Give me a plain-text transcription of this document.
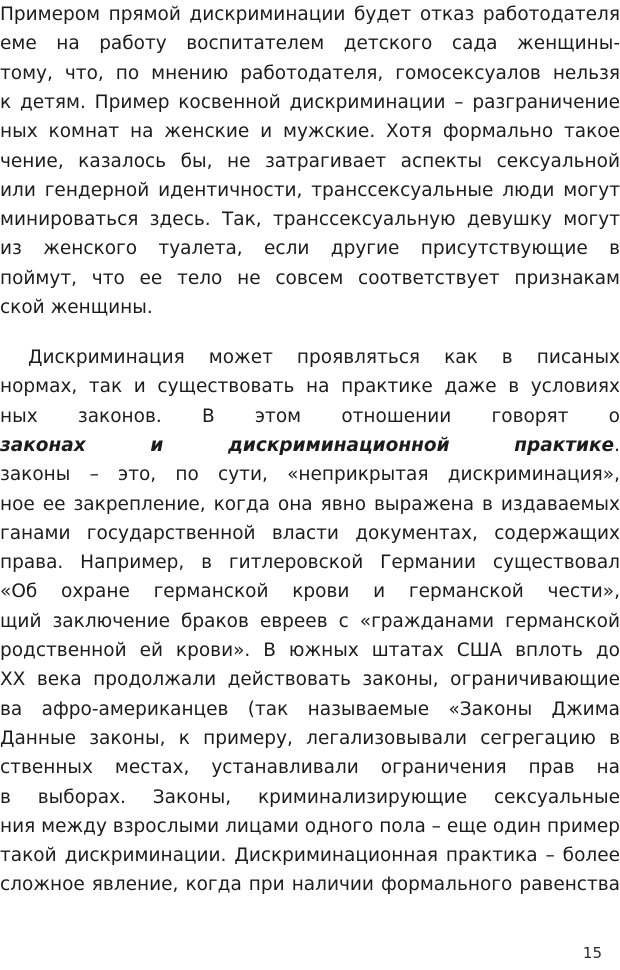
Примером прямой дискриминации будет отказ работодателя
еме на работу воспитателем детского сада женщины-
тому, что, по мнению работодателя, гомосексуалов нельзя
к детям. Пример косвенной дискриминации – разграничение
ных комнат на женские и мужские. Хотя формально такое
чение, казалось бы, не затрагивает аспекты сексуальной
или гендерной идентичности, транссексуальные люди могут
минироваться здесь. Так, транссексуальную девушку могут
из женского туалета, если другие присутствующие в
поймут, что ее тело не совсем соответствует признакам
ской женщины.
Дискриминация может проявляться как в писаных
нормах, так и существовать на практике даже в условиях
ных законов. В этом отношении говорят о
законах и дискриминационной практике.
законы – это, по сути, «неприкрытая дискриминация»,
ное ее закрепление, когда она явно выражена в издаваемых
ганами государственной власти документах, содержащих
права. Например, в гитлеровской Германии существовал
«Об охране германской крови и германской чести»,
щий заключение браков евреев с «гражданами германской
родственной ей крови». В южных штатах США вплоть до
XX века продолжали действовать законы, ограничивающие
ва афро-американцев (так называемые «Законы Джима
Данные законы, к примеру, легализовывали сегрегацию в
ственных местах, устанавливали ограничения прав на
в выборах. Законы, криминализирующие сексуальные
ния между взрослыми лицами одного пола – еще один пример
такой дискриминации. Дискриминационная практика – более
сложное явление, когда при наличии формального равенства
15
